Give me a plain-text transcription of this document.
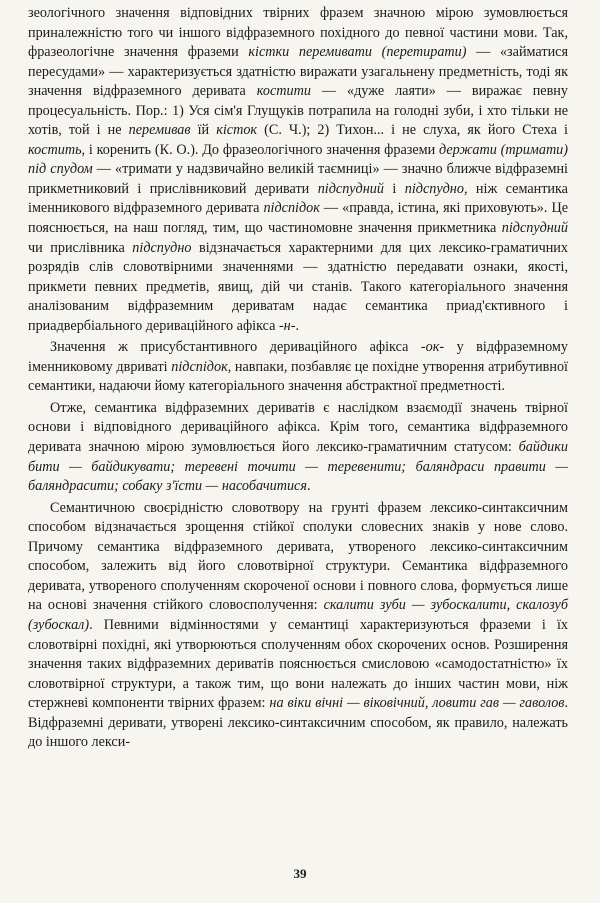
зеологічного значення відповідних твірних фразем значною мірою зумовлюється приналежністю того чи іншого відфраземного похідного до певної частини мови. Так, фразеологічне значення фраземи кістки перемивати (перетирати) — «займатися пересудами» — характеризується здатністю виражати узагальнену предметність, тоді як значення відфраземного деривата костити — «дуже лаяти» — виражає певну процесуальність. Пор.: 1) Уся сім'я Глущуків потрапила на голодні зуби, і хто тільки не хотів, той і не перемивав їй кісток (С. Ч.); 2) Тихон... і не слуха, як його Стеха і костить, і коренить (К. О.). До фразеологічного значення фраземи держати (тримати) під спудом — «тримати у надзвичайно великій таємниці» — значно ближче відфраземні прикметниковий і прислівниковий деривати підспудний і підспудно, ніж семантика іменникового відфраземного деривата підспідок — «правда, істина, які приховують». Це пояснюється, на наш погляд, тим, що частиномовне значення прикметника підспудний чи прислівника підспудно відзначається характерними для цих лексико-граматичних розрядів слів словотвірними значеннями — здатністю передавати ознаки, якості, прикмети певних предметів, явищ, дій чи станів. Такого категоріального значення аналізованим відфраземним дериватам надає семантика приад'єктивного і приадвербіального дериваційного афікса -н-.

Значення ж присубстантивного дериваційного афікса -ок- у відфраземному іменниковому двриваті підспідок, навпаки, позбавляє це похідне утворення атрибутивної семантики, надаючи йому категоріального значення абстрактної предметності.

Отже, семантика відфраземних дериватів є наслідком взаємодії значень твірної основи і відповідного дериваційного афікса. Крім того, семантика відфраземного деривата значною мірою зумовлюється його лексико-граматичним статусом: байдики бити — байдикувати; теревені точити — теревенити; баляндраси правити — баляндрасити; собаку з'їсти — насобачитися.

Семантичною своєрідністю словотвору на грунті фразем лексико-синтаксичним способом відзначається зрощення стійкої сполуки словесних знаків у нове слово. Причому семантика відфраземного деривата, утвореного лексико-синтаксичним способом, залежить від його словотвірної структури. Семантика відфраземного деривата, утвореного сполученням скороченої основи і повного слова, формується лише на основі значення стійкого словосполучення: скалити зуби — зубоскалити, скалозуб (зубоскал). Певними відмінностями у семантиці характеризуються фраземи і їх словотвірні похідні, які утворюються сполученням обох скорочених основ. Розширення значення таких відфраземних дериватів пояснюється смисловою «самодостатністю» їх словотвірної структури, а також тим, що вони належать до інших частин мови, ніж стержневі компоненти твірних фразем: на віки вічні — віковічний, ловити гав — гаволов. Відфраземні деривати, утворені лексико-синтаксичним способом, як правило, належать до іншого лекси-

39
